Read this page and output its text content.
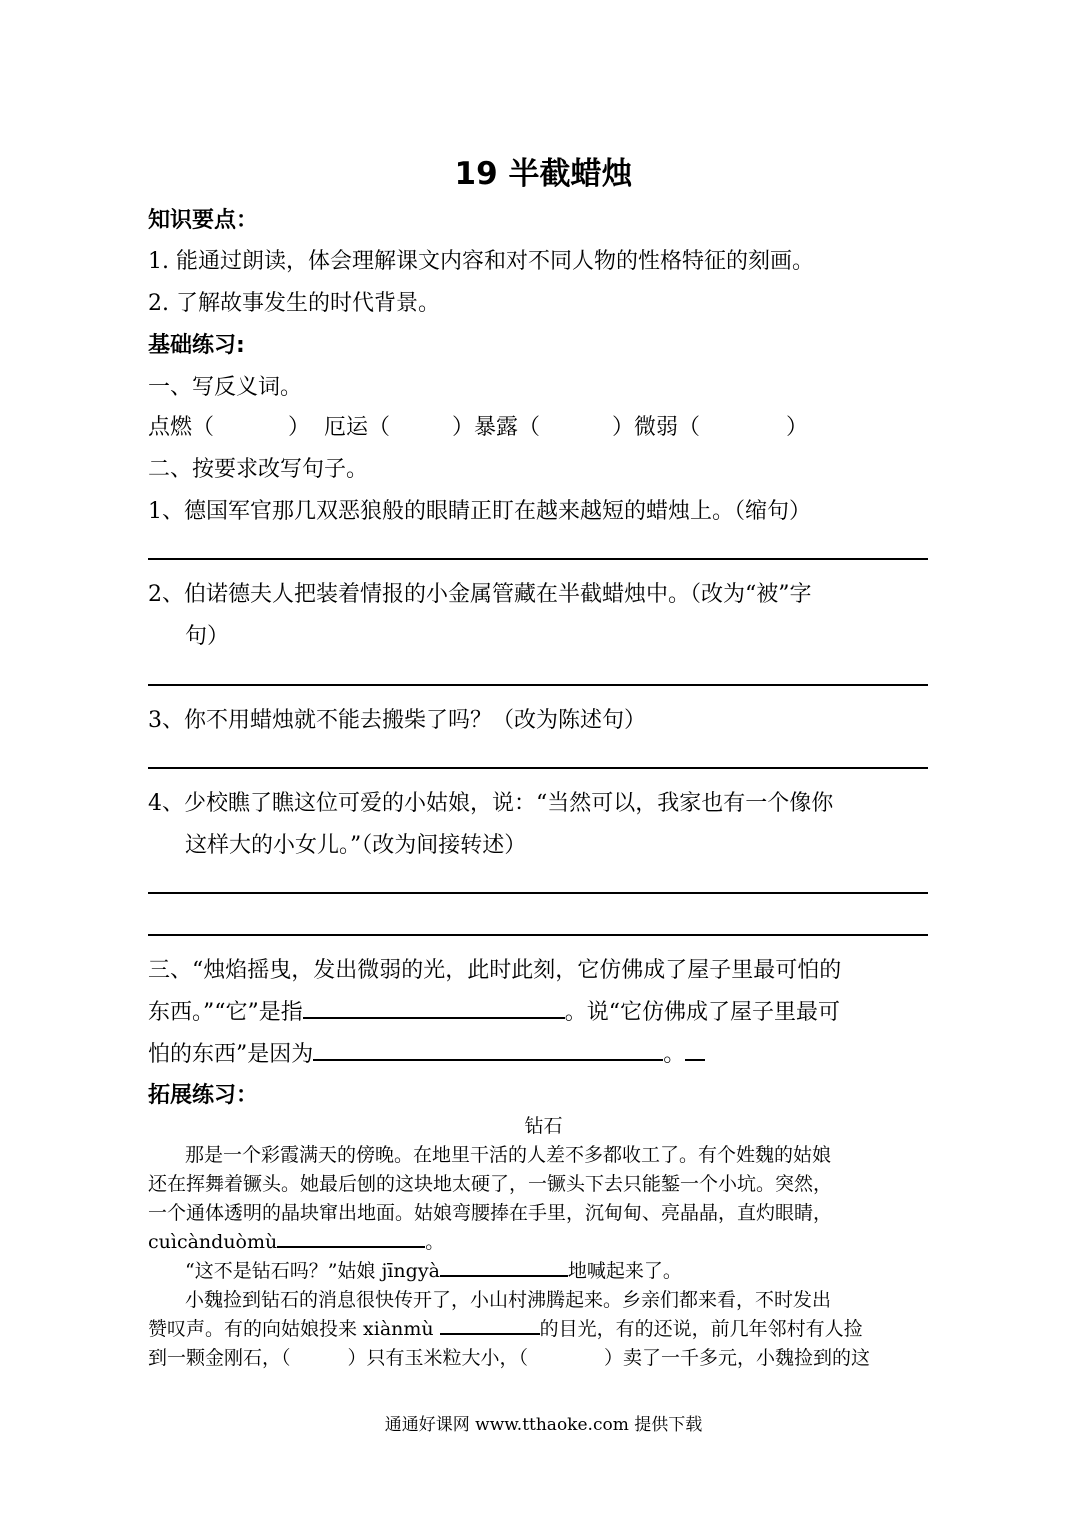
19 半截蜡烛
知识要点：
1. 能通过朗读，体会理解课文内容和对不同人物的性格特征的刻画。
2. 了解故事发生的时代背景。
基础练习:
一、写反义词。
点燃（	） 厄运（	）暴露（	）微弱（	）
二、按要求改写句子。
1、德国军官那几双恶狼般的眼睛正盯在越来越短的蜡烛上。（缩句）
2、伯诺德夫人把装着情报的小金属管藏在半截蜡烛中。（改为“被”字
句）
3、你不用蜡烛就不能去搬柴了吗？（改为陈述句）
4、少校瞧了瞧这位可爱的小姑娘，说：“当然可以，我家也有一个像你
这样大的小女儿。”（改为间接转述）
三、“烛焰摇曳，发出微弱的光，此时此刻，它仿佛成了屋子里最可怕的
东西。”“它”是指	。说“它仿佛成了屋子里最可
怕的东西”是因为	。
拓展练习：
钻石
那是一个彩霞满天的傍晚。在地里干活的人差不多都收工了。有个姓魏的姑娘
还在挥舞着镢头。她最后刨的这块地太硬了，一镢头下去只能錾一个小坑。突然，
一个通体透明的晶块窜出地面。姑娘弯腰捧在手里，沉甸甸、亮晶晶，直灼眼睛，
cuìcànduòmù	。
“这不是钻石吗？”姑娘 jīngyà	地喊起来了。
小魏捡到钻石的消息很快传开了，小山村沸腾起来。乡亲们都来看，不时发出
赞叹声。有的向姑娘投来 xiànmù	的目光，有的还说，前几年邻村有人捡
到一颗金刚石，（　　　）只有玉米粒大小，（　　　　）卖了一千多元，小魏捡到的这
通通好课网 www.tthaoke.com 提供下载
